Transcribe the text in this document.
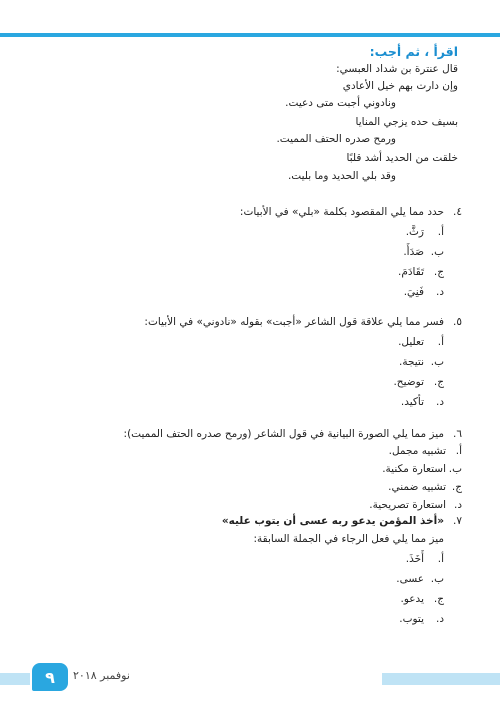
اقرأ ، ثم أجب:

قال عنترة بن شداد العبسي:

وإن دارت بهم خيل الأعادي

ونادوني أجبت متى دعيت.

بسيف حده يزجي المنايا

ورمح صدره الحتف المميت.

خلقت من الحديد أشد قلبًا

وقد بلي الحديد وما بليت.

٤.
حدد مما يلي المقصود بكلمة «بلي» في الأبيات:

أ.
رَثَّ.

ب.
صَدَأَ.

ج.
تَقَادَمَ.

د.
فَنِيَ.

٥.
فسر مما يلي علاقة قول الشاعر «أجبت» بقوله «نادوني» في الأبيات:

أ.
تعليل.

ب.
نتيجة.

ج.
توضيح.

د.
تأكيد.

٦.
ميز مما يلي الصورة البيانية في قول الشاعر (ورمح صدره الحتف المميت):

أ.
تشبيه مجمل.

ب.
استعارة مكنية.

ج.
تشبيه ضمني.

د.
استعارة تصريحية.

٧.
«أخذ المؤمن يدعو ربه عسى أن يتوب عليه»

ميز مما يلي فعل الرجاء في الجملة السابقة:

أ.
أَخَذَ.

ب.
عسى.

ج.
يدعو.

د.
يتوب.

٩	نوفمبر ٢٠١٨
